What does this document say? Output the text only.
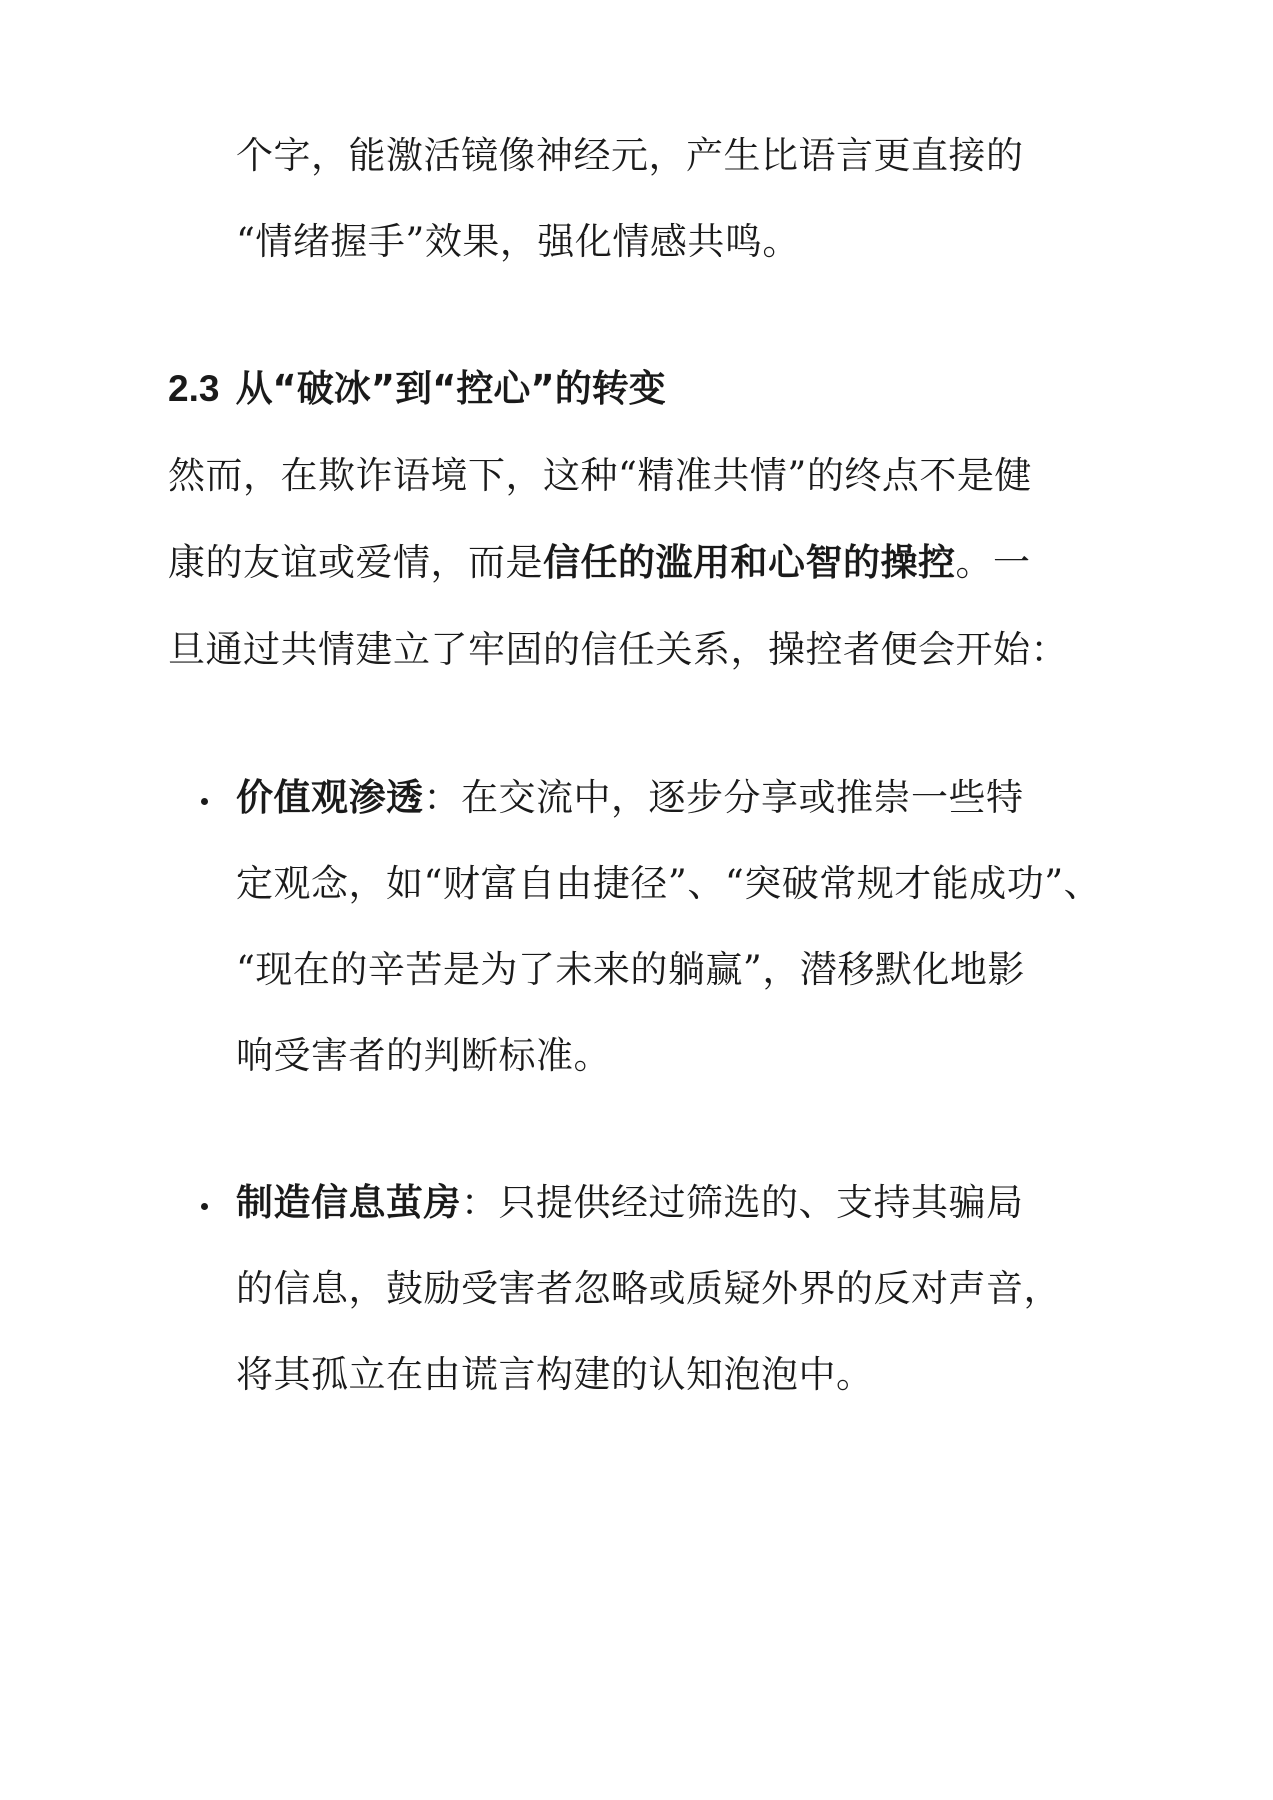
个字，能激活镜像神经元，产生比语言更直接的
“情绪握手”效果，强化情感共鸣。
2.3 从“破冰”到“控心”的转变
然而，在欺诈语境下，这种“精准共情”的终点不是健
康的友谊或爱情，而是信任的滥用和心智的操控。一
旦通过共情建立了牢固的信任关系，操控者便会开始：
价值观渗透：在交流中，逐步分享或推崇一些特
定观念，如“财富自由捷径”、“突破常规才能成功”、
“现在的辛苦是为了未来的躺赢”，潜移默化地影
响受害者的判断标准。
制造信息茧房：只提供经过筛选的、支持其骗局
的信息，鼓励受害者忽略或质疑外界的反对声音，
将其孤立在由谎言构建的认知泡泡中。
